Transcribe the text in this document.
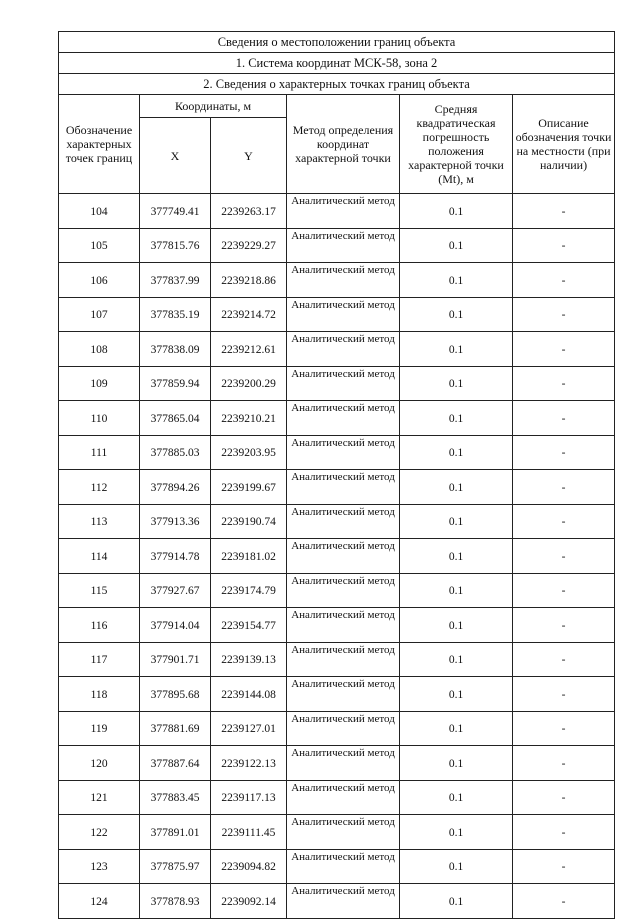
Сведения о местоположении границ объекта					
1. Система координат МСК-58, зона 2					
2. Сведения о характерных точках границ объекта					
Обозначение характерных точек границ	Координаты, м		Метод определения координат характерной точки	Средняя квадратическая погрешность положения характерной точки (Mt), м	Описание обозначения точки на местности (при наличии)
	X	Y			
104	377749.41	2239263.17	Аналитический метод	0.1	-
105	377815.76	2239229.27	Аналитический метод	0.1	-
106	377837.99	2239218.86	Аналитический метод	0.1	-
107	377835.19	2239214.72	Аналитический метод	0.1	-
108	377838.09	2239212.61	Аналитический метод	0.1	-
109	377859.94	2239200.29	Аналитический метод	0.1	-
110	377865.04	2239210.21	Аналитический метод	0.1	-
111	377885.03	2239203.95	Аналитический метод	0.1	-
112	377894.26	2239199.67	Аналитический метод	0.1	-
113	377913.36	2239190.74	Аналитический метод	0.1	-
114	377914.78	2239181.02	Аналитический метод	0.1	-
115	377927.67	2239174.79	Аналитический метод	0.1	-
116	377914.04	2239154.77	Аналитический метод	0.1	-
117	377901.71	2239139.13	Аналитический метод	0.1	-
118	377895.68	2239144.08	Аналитический метод	0.1	-
119	377881.69	2239127.01	Аналитический метод	0.1	-
120	377887.64	2239122.13	Аналитический метод	0.1	-
121	377883.45	2239117.13	Аналитический метод	0.1	-
122	377891.01	2239111.45	Аналитический метод	0.1	-
123	377875.97	2239094.82	Аналитический метод	0.1	-
124	377878.93	2239092.14	Аналитический метод	0.1	-
